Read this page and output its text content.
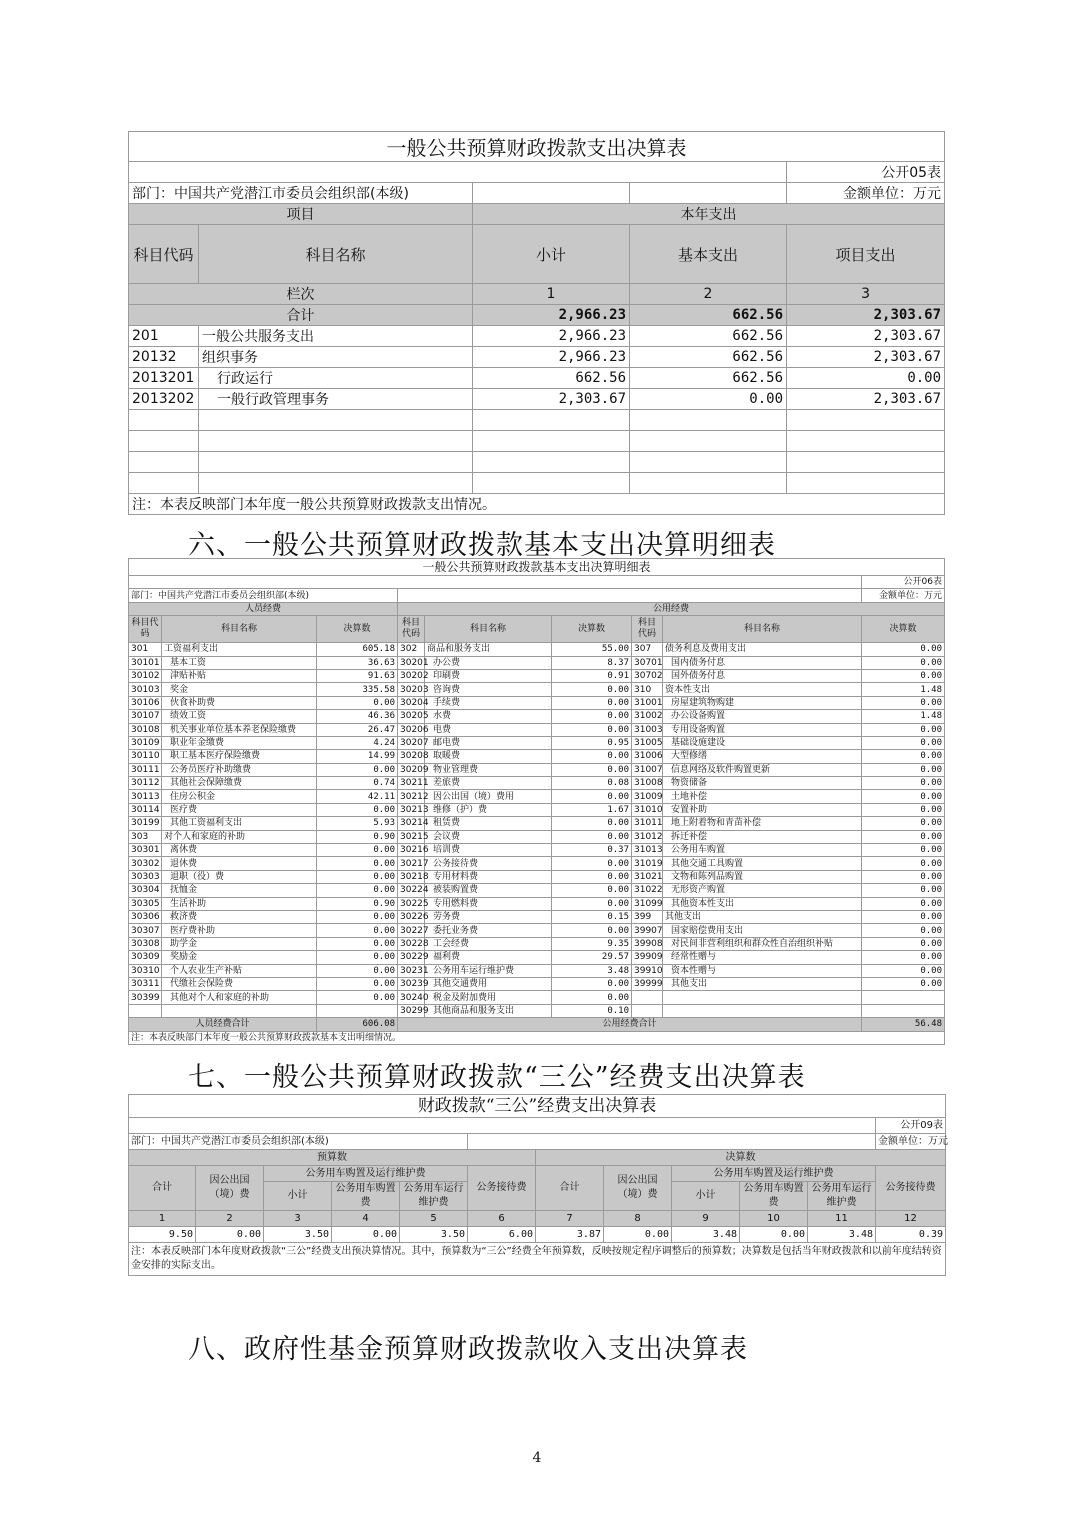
一般公共预算财政拨款支出决算表				
				公开05表
部门：中国共产党潜江市委员会组织部(本级)				金额单位：万元
项目		本年支出		
科目代码	科目名称	小计	基本支出	项目支出
栏次		1	2	3
合计		2,966.23	662.56	2,303.67
201	一般公共服务支出	2,966.23	662.56	2,303.67
20132	组织事务	2,966.23	662.56	2,303.67
2013201	行政运行	662.56	662.56	0.00
2013202	一般行政管理事务	2,303.67	0.00	2,303.67

注：本表反映部门本年度一般公共预算财政拨款支出情况。				
六、一般公共预算财政拨款基本支出决算明细表
一般公共预算财政拨款基本支出决算明细表								
								公开06表
部门：中国共产党潜江市委员会组织部(本级)								金额单位：万元
人员经费			公用经费					
科目代码	科目名称	决算数	科目代码	科目名称	决算数	科目代码	科目名称	决算数
301	工资福利支出	605.18	302	商品和服务支出	55.00	307	债务利息及费用支出	0.00
30101	基本工资	36.63	30201	办公费	8.37	30701	国内债务付息	0.00
30102	津贴补贴	91.63	30202	印刷费	0.91	30702	国外债务付息	0.00
30103	奖金	335.58	30203	咨询费	0.00	310	资本性支出	1.48
30106	伙食补助费	0.00	30204	手续费	0.00	31001	房屋建筑物购建	0.00
30107	绩效工资	46.36	30205	水费	0.00	31002	办公设备购置	1.48
30108	机关事业单位基本养老保险缴费	26.47	30206	电费	0.00	31003	专用设备购置	0.00
30109	职业年金缴费	4.24	30207	邮电费	0.95	31005	基础设施建设	0.00
30110	职工基本医疗保险缴费	14.99	30208	取暖费	0.00	31006	大型修缮	0.00
30111	公务员医疗补助缴费	0.00	30209	物业管理费	0.00	31007	信息网络及软件购置更新	0.00
30112	其他社会保障缴费	0.74	30211	差旅费	0.08	31008	物资储备	0.00
30113	住房公积金	42.11	30212	因公出国（境）费用	0.00	31009	土地补偿	0.00
30114	医疗费	0.00	30213	维修（护）费	1.67	31010	安置补助	0.00
30199	其他工资福利支出	5.93	30214	租赁费	0.00	31011	地上附着物和青苗补偿	0.00
303	对个人和家庭的补助	0.90	30215	会议费	0.00	31012	拆迁补偿	0.00
30301	离休费	0.00	30216	培训费	0.37	31013	公务用车购置	0.00
30302	退休费	0.00	30217	公务接待费	0.00	31019	其他交通工具购置	0.00
30303	退职（役）费	0.00	30218	专用材料费	0.00	31021	文物和陈列品购置	0.00
30304	抚恤金	0.00	30224	被装购置费	0.00	31022	无形资产购置	0.00
30305	生活补助	0.90	30225	专用燃料费	0.00	31099	其他资本性支出	0.00
30306	救济费	0.00	30226	劳务费	0.15	399	其他支出	0.00
30307	医疗费补助	0.00	30227	委托业务费	0.00	39907	国家赔偿费用支出	0.00
30308	助学金	0.00	30228	工会经费	9.35	39908	对民间非营利组织和群众性自治组织补贴	0.00
30309	奖励金	0.00	30229	福利费	29.57	39909	经常性赠与	0.00
30310	个人农业生产补贴	0.00	30231	公务用车运行维护费	3.48	39910	资本性赠与	0.00
30311	代缴社会保险费	0.00	30239	其他交通费用	0.00	39999	其他支出	0.00
30399	其他对个人和家庭的补助	0.00	30240	税金及附加费用	0.00			
			30299	其他商品和服务支出	0.10			
人员经费合计		606.08	公用经费合计					56.48
注：本表反映部门本年度一般公共预算财政拨款基本支出明细情况。								
七、一般公共预算财政拨款“三公”经费支出决算表
财政拨款“三公”经费支出决算表											
											公开09表
部门：中国共产党潜江市委员会组织部(本级)											金额单位：万元
预算数						决算数					
合计	因公出国（境）费	公务用车购置及运行维护费			公务接待费	合计	因公出国（境）费	公务用车购置及运行维护费			公务接待费
		小计	公务用车购置费	公务用车运行维护费				小计	公务用车购置费	公务用车运行维护费	
1	2	3	4	5	6	7	8	9	10	11	12
9.50	0.00	3.50	0.00	3.50	6.00	3.87	0.00	3.48	0.00	3.48	0.39
注：本表反映部门本年度财政拨款“三公”经费支出预决算情况。其中，预算数为“三公”经费全年预算数，反映按规定程序调整后的预算数；决算数是包括当年财政拨款和以前年度结转资金安排的实际支出。											
八、政府性基金预算财政拨款收入支出决算表
4
